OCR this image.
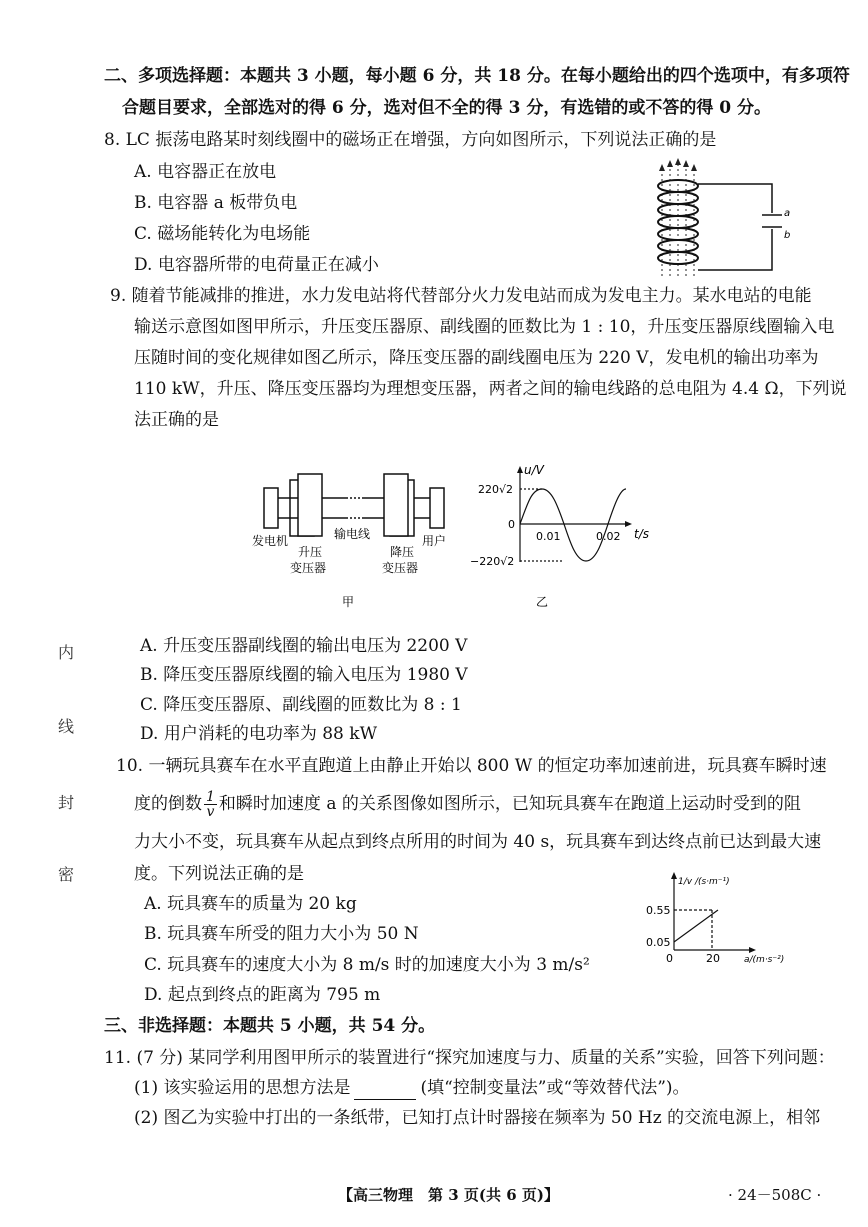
二、多项选择题：本题共 3 小题，每小题 6 分，共 18 分。在每小题给出的四个选项中，有多项符
合题目要求，全部选对的得 6 分，选对但不全的得 3 分，有选错的或不答的得 0 分。
8. LC 振荡电路某时刻线圈中的磁场正在增强，方向如图所示，下列说法正确的是
A. 电容器正在放电
B. 电容器 a 板带负电
C. 磁场能转化为电场能
D. 电容器所带的电荷量正在减小
a
b
9. 随着节能减排的推进，水力发电站将代替部分火力发电站而成为发电主力。某水电站的电能
输送示意图如图甲所示，升压变压器原、副线圈的匝数比为 1 : 10，升压变压器原线圈输入电
压随时间的变化规律如图乙所示，降压变压器的副线圈电压为 220 V，发电机的输出功率为
110 kW，升压、降压变压器均为理想变压器，两者之间的输电线路的总电阻为 4.4 Ω，下列说
法正确的是
发电机
升压
变压器
输电线
降压
变压器
用户
甲
u/V
t/s
220√2
−220√2
0
0.01	0.02
乙
A. 升压变压器副线圈的输出电压为 2200 V
B. 降压变压器原线圈的输入电压为 1980 V
C. 降压变压器原、副线圈的匝数比为 8 : 1
D. 用户消耗的电功率为 88 kW
10. 一辆玩具赛车在水平直跑道上由静止开始以 800 W 的恒定功率加速前进，玩具赛车瞬时速
度的倒数 $\frac{1}{v}$ 和瞬时加速度 a 的关系图像如图所示，已知玩具赛车在跑道上运动时受到的阻
力大小不变，玩具赛车从起点到终点所用的时间为 40 s，玩具赛车到达终点前已达到最大速
度。下列说法正确的是
A. 玩具赛车的质量为 20 kg
B. 玩具赛车所受的阻力大小为 50 N
C. 玩具赛车的速度大小为 8 m/s 时的加速度大小为 3 m/s²
D. 起点到终点的距离为 795 m
1/v /(s·m⁻¹)
a/(m·s⁻²)
0.55
0.05
0	20
三、非选择题：本题共 5 小题，共 54 分。
11. (7 分) 某同学利用图甲所示的装置进行“探究加速度与力、质量的关系”实验，回答下列问题：
(1) 该实验运用的思想方法是	(填“控制变量法”或“等效替代法”)。
(2) 图乙为实验中打出的一条纸带，已知打点计时器接在频率为 50 Hz 的交流电源上，相邻
内
线
封
密
【高三物理　第 3 页(共 6 页)】	· 24－508C ·
